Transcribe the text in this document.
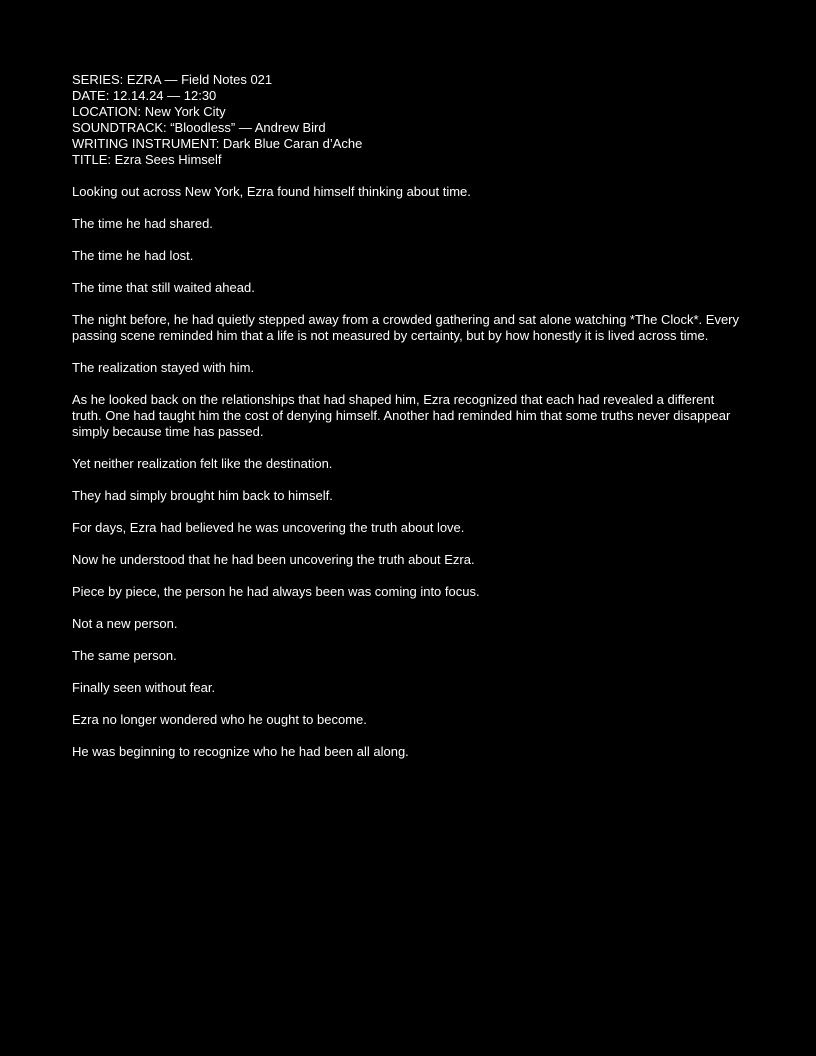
SERIES: EZRA — Field Notes 021

DATE: 12.14.24 — 12:30

LOCATION: New York City

SOUNDTRACK: “Bloodless” — Andrew Bird

WRITING INSTRUMENT: Dark Blue Caran d’Ache

TITLE: Ezra Sees Himself

Looking out across New York, Ezra found himself thinking about time.

The time he had shared.

The time he had lost.

The time that still waited ahead.

The night before, he had quietly stepped away from a crowded gathering and sat alone watching *The Clock*. Every passing scene reminded him that a life is not measured by certainty, but by how honestly it is lived across time.

The realization stayed with him.

As he looked back on the relationships that had shaped him, Ezra recognized that each had revealed a different truth. One had taught him the cost of denying himself. Another had reminded him that some truths never disappear simply because time has passed.

Yet neither realization felt like the destination.

They had simply brought him back to himself.

For days, Ezra had believed he was uncovering the truth about love.

Now he understood that he had been uncovering the truth about Ezra.

Piece by piece, the person he had always been was coming into focus.

Not a new person.

The same person.

Finally seen without fear.

Ezra no longer wondered who he ought to become.

He was beginning to recognize who he had been all along.
